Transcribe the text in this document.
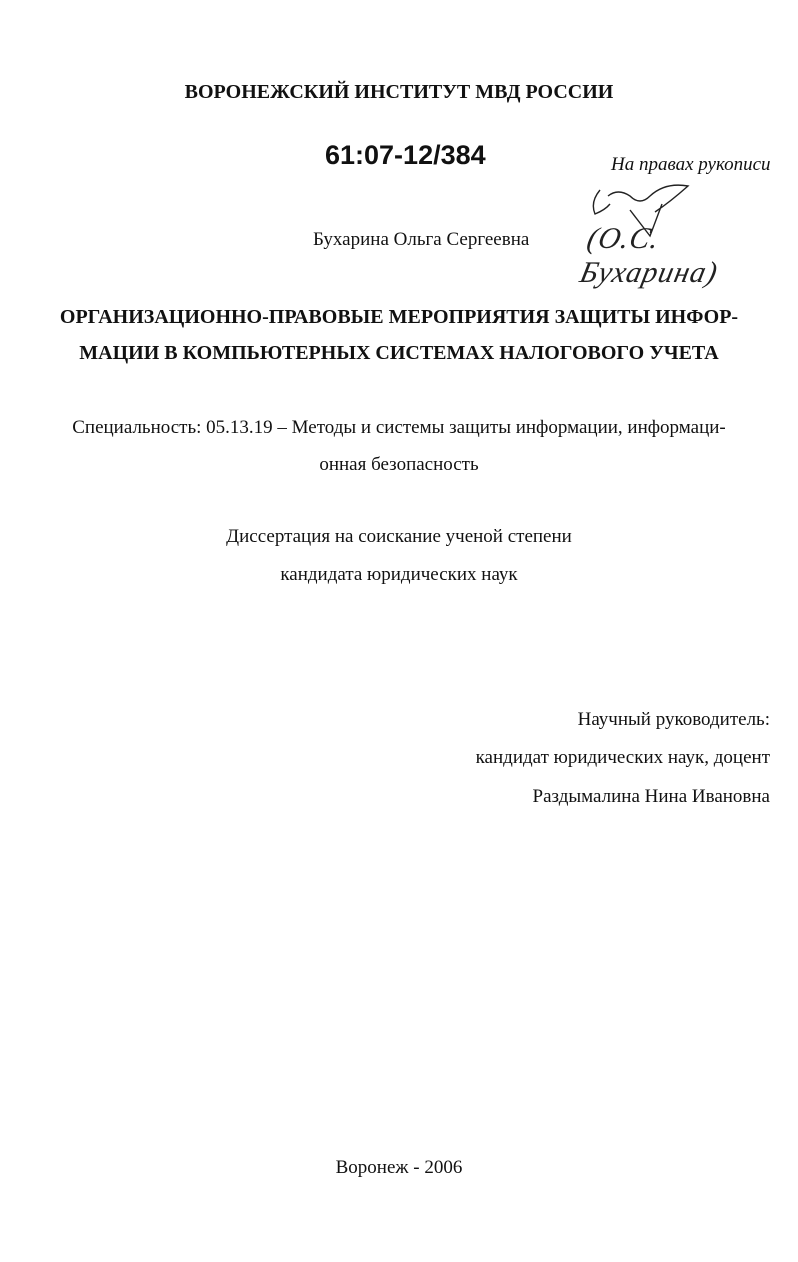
ВОРОНЕЖСКИЙ ИНСТИТУТ МВД РОССИИ
61:07-12/384	На правах рукописи
Бухарина Ольга Сергеевна (О.С. Бухарина)
ОРГАНИЗАЦИОННО-ПРАВОВЫЕ МЕРОПРИЯТИЯ ЗАЩИТЫ ИНФОР-
МАЦИИ В КОМПЬЮТЕРНЫХ СИСТЕМАХ НАЛОГОВОГО УЧЕТА
Специальность: 05.13.19 – Методы и системы защиты информации, информаци-
онная безопасность
Диссертация на соискание ученой степени
кандидата юридических наук
Научный руководитель:
кандидат юридических наук, доцент
Раздымалина Нина Ивановна
Воронеж - 2006
